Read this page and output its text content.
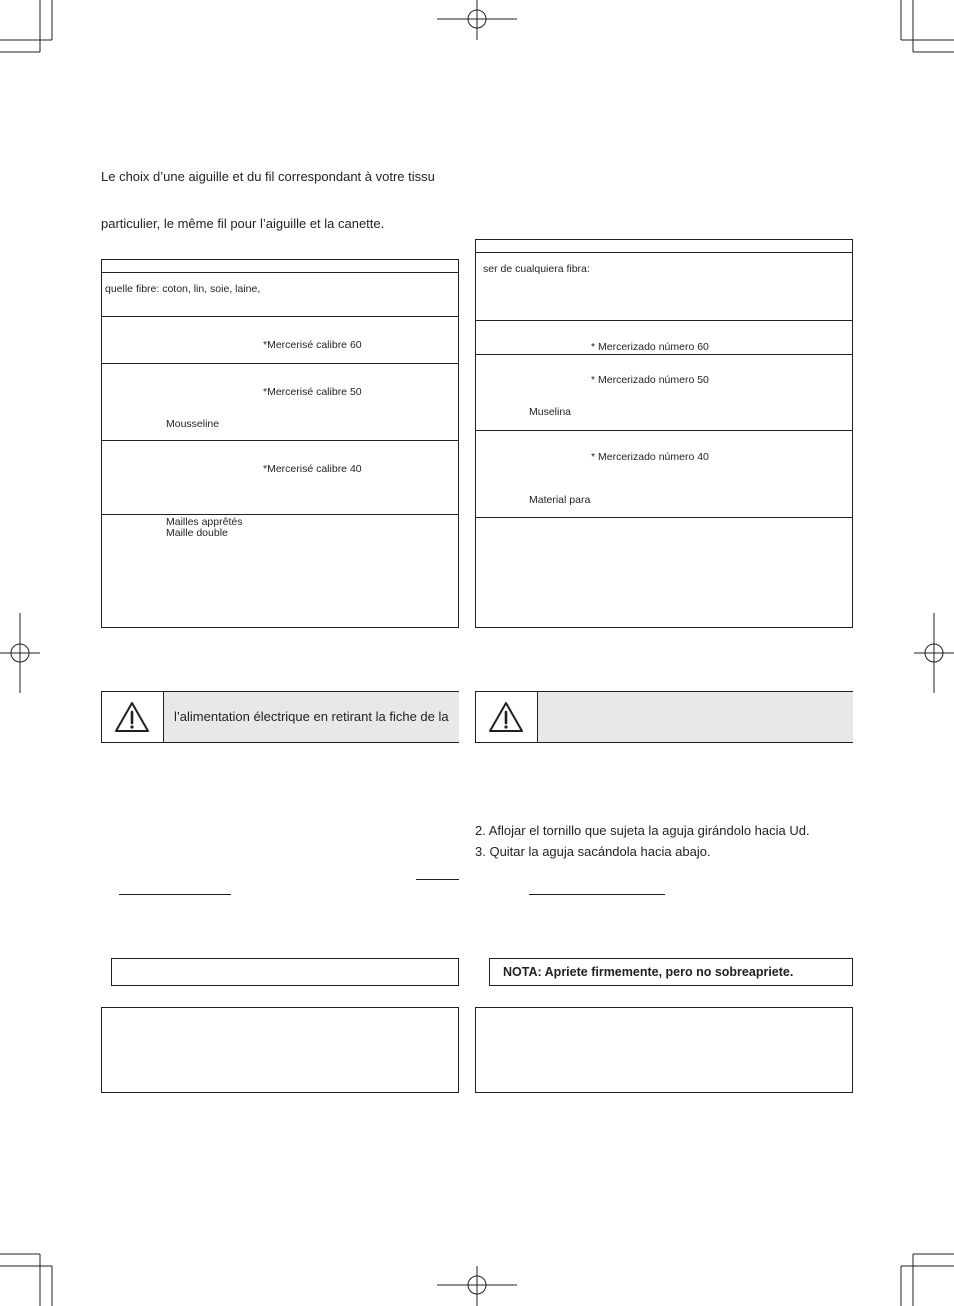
Le choix d’une aiguille et du fil correspondant à votre tissu
particulier, le même fil pour l’aiguille et la canette.
quelle fibre: coton, lin, soie, laine,
*Mercerisé calibre 60
*Mercerisé calibre 50
Mousseline
*Mercerisé calibre 40
Mailles apprêtés
Maille double
ser de cualquiera fibra:
* Mercerizado número 60
* Mercerizado número 50
Muselina
* Mercerizado número 40
Material para
l’alimentation électrique en retirant la fiche de la
2. Aflojar el tornillo que sujeta la aguja girándolo hacia Ud.
3. Quitar la aguja sacándola hacia abajo.
NOTA: Apriete firmemente, pero no sobreapriete.
